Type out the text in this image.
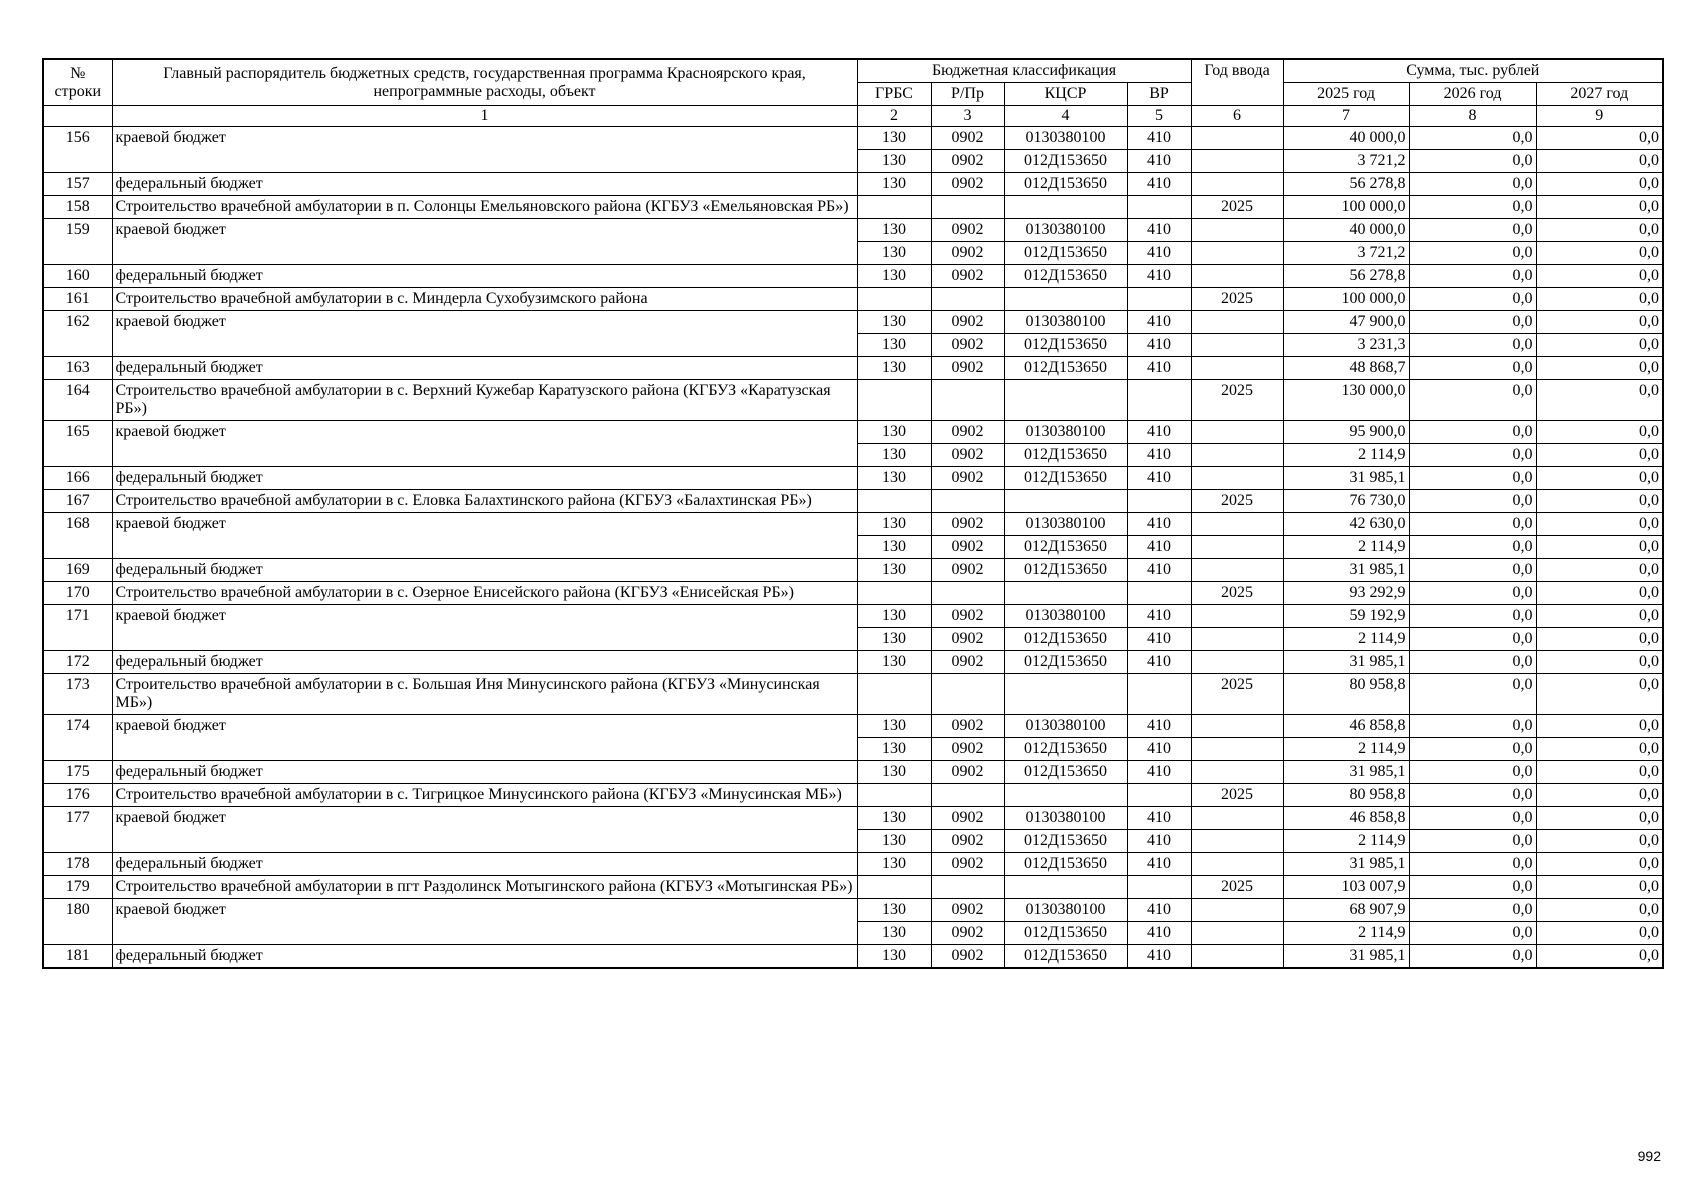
№ строки	Главный распорядитель бюджетных средств, государственная программа Красноярского края, непрограммные расходы, объект	Бюджетная классификация				Год ввода	Сумма, тыс. рублей		
		ГРБС	Р/Пр	КЦСР	ВР		2025 год	2026 год	2027 год
	1	2	3	4	5	6	7	8	9
156	краевой бюджет	130	0902	0130380100	410		40 000,0	0,0	0,0
		130	0902	012Д153650	410		3 721,2	0,0	0,0
157	федеральный бюджет	130	0902	012Д153650	410		56 278,8	0,0	0,0
158	Строительство врачебной амбулатории в п. Солонцы Емельяновского района (КГБУЗ «Емельяновская РБ»)					2025	100 000,0	0,0	0,0
159	краевой бюджет	130	0902	0130380100	410		40 000,0	0,0	0,0
		130	0902	012Д153650	410		3 721,2	0,0	0,0
160	федеральный бюджет	130	0902	012Д153650	410		56 278,8	0,0	0,0
161	Строительство врачебной амбулатории в с. Миндерла Сухобузимского района					2025	100 000,0	0,0	0,0
162	краевой бюджет	130	0902	0130380100	410		47 900,0	0,0	0,0
		130	0902	012Д153650	410		3 231,3	0,0	0,0
163	федеральный бюджет	130	0902	012Д153650	410		48 868,7	0,0	0,0
164	Строительство врачебной амбулатории в с. Верхний Кужебар Каратузского района (КГБУЗ «Каратузская РБ»)					2025	130 000,0	0,0	0,0
165	краевой бюджет	130	0902	0130380100	410		95 900,0	0,0	0,0
		130	0902	012Д153650	410		2 114,9	0,0	0,0
166	федеральный бюджет	130	0902	012Д153650	410		31 985,1	0,0	0,0
167	Строительство врачебной амбулатории в с. Еловка Балахтинского района (КГБУЗ «Балахтинская РБ»)					2025	76 730,0	0,0	0,0
168	краевой бюджет	130	0902	0130380100	410		42 630,0	0,0	0,0
		130	0902	012Д153650	410		2 114,9	0,0	0,0
169	федеральный бюджет	130	0902	012Д153650	410		31 985,1	0,0	0,0
170	Строительство врачебной амбулатории в с. Озерное Енисейского района (КГБУЗ «Енисейская РБ»)					2025	93 292,9	0,0	0,0
171	краевой бюджет	130	0902	0130380100	410		59 192,9	0,0	0,0
		130	0902	012Д153650	410		2 114,9	0,0	0,0
172	федеральный бюджет	130	0902	012Д153650	410		31 985,1	0,0	0,0
173	Строительство врачебной амбулатории в с. Большая Иня Минусинского района (КГБУЗ «Минусинская МБ»)					2025	80 958,8	0,0	0,0
174	краевой бюджет	130	0902	0130380100	410		46 858,8	0,0	0,0
		130	0902	012Д153650	410		2 114,9	0,0	0,0
175	федеральный бюджет	130	0902	012Д153650	410		31 985,1	0,0	0,0
176	Строительство врачебной амбулатории в с. Тигрицкое Минусинского района (КГБУЗ «Минусинская МБ»)					2025	80 958,8	0,0	0,0
177	краевой бюджет	130	0902	0130380100	410		46 858,8	0,0	0,0
		130	0902	012Д153650	410		2 114,9	0,0	0,0
178	федеральный бюджет	130	0902	012Д153650	410		31 985,1	0,0	0,0
179	Строительство врачебной амбулатории в пгт Раздолинск Мотыгинского района (КГБУЗ «Мотыгинская РБ»)					2025	103 007,9	0,0	0,0
180	краевой бюджет	130	0902	0130380100	410		68 907,9	0,0	0,0
		130	0902	012Д153650	410		2 114,9	0,0	0,0
181	федеральный бюджет	130	0902	012Д153650	410		31 985,1	0,0	0,0
992
